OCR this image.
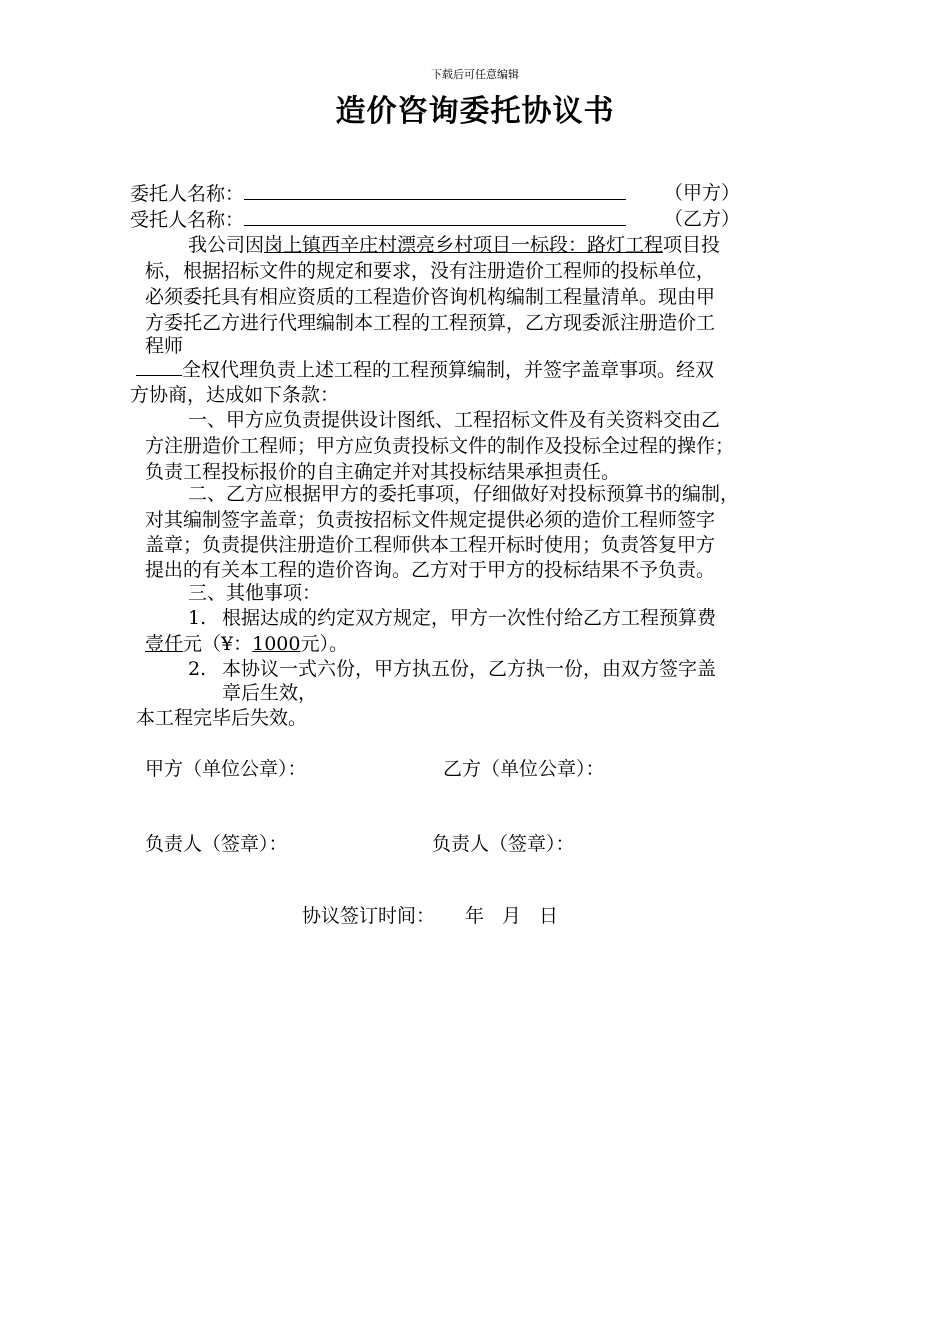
下载后可任意编辑
造价咨询委托协议书
委托人名称：	（甲方）
受托人名称：	（乙方）
我公司因岗上镇西辛庄村漂亮乡村项目一标段：路灯工程项目投
标，根据招标文件的规定和要求，没有注册造价工程师的投标单位，
必须委托具有相应资质的工程造价咨询机构编制工程量清单。现由甲
方委托乙方进行代理编制本工程的工程预算，乙方现委派注册造价工
程师
全权代理负责上述工程的工程预算编制，并签字盖章事项。经双
方协商，达成如下条款：
一、甲方应负责提供设计图纸、工程招标文件及有关资料交由乙
方注册造价工程师；甲方应负责投标文件的制作及投标全过程的操作；
负责工程投标报价的自主确定并对其投标结果承担责任。
二、乙方应根据甲方的委托事项，仔细做好对投标预算书的编制，
对其编制签字盖章；负责按招标文件规定提供必须的造价工程师签字
盖章；负责提供注册造价工程师供本工程开标时使用；负责答复甲方
提出的有关本工程的造价咨询。乙方对于甲方的投标结果不予负责。
三、其他事项：
1. 根据达成的约定双方规定，甲方一次性付给乙方工程预算费
壹仟元（¥：1000元）。
2. 本协议一式六份，甲方执五份，乙方执一份，由双方签字盖
章后生效，
本工程完毕后失效。
甲方（单位公章）：	乙方（单位公章）：
负责人（签章）：	负责人（签章）：
协议签订时间： 年 月 日
